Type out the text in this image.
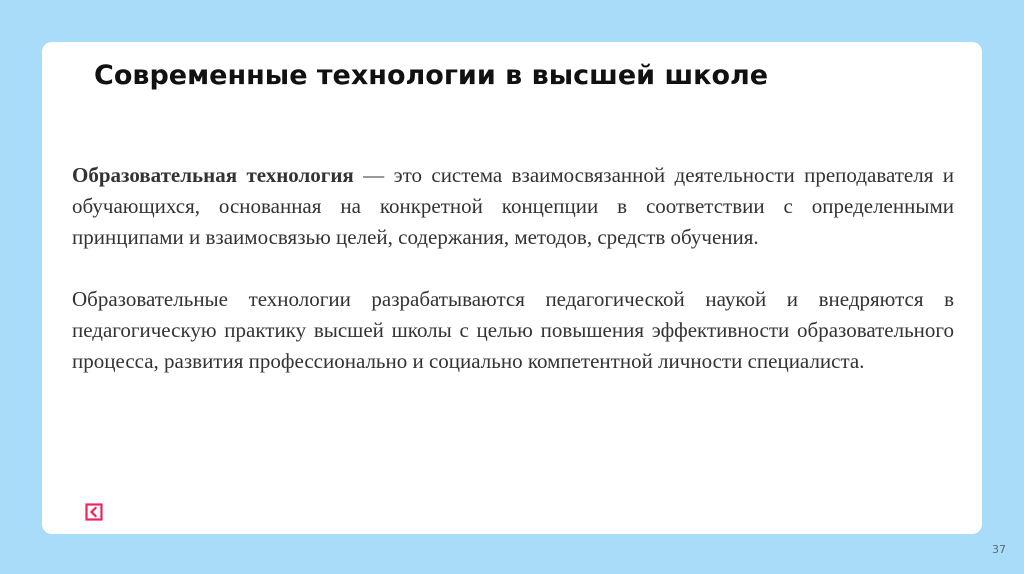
Современные технологии в высшей школе

Образовательная технология — это система взаимосвязанной деятельности преподавателя и обучающихся, основанная на конкретной концепции в соответствии с определенными принципами и взаимосвязью целей, содержания, методов, средств обучения.

Образовательные технологии разрабатываются педагогической наукой и внедряются в педагогическую практику высшей школы с целью повышения эффективности образовательного процесса, развития профессионально и социально компетентной личности специалиста.

37
